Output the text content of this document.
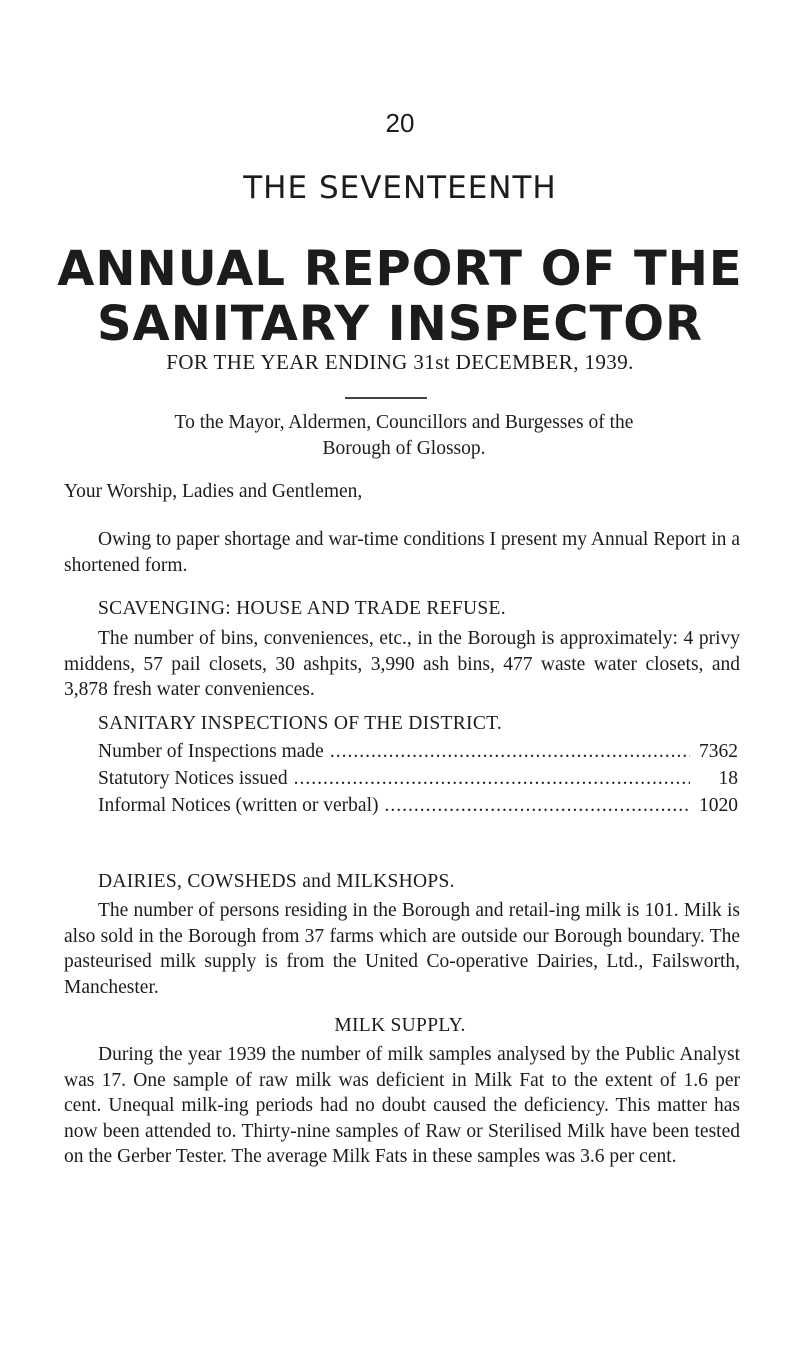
20
THE SEVENTEENTH
ANNUAL REPORT OF THE
SANITARY INSPECTOR
FOR THE YEAR ENDING 31st DECEMBER, 1939.
To the Mayor, Aldermen, Councillors and Burgesses of the
Borough of Glossop.
Your Worship, Ladies and Gentlemen,

Owing to paper shortage and war-time conditions I present my Annual Report in a shortened form.

SCAVENGING: HOUSE AND TRADE REFUSE.

The number of bins, conveniences, etc., in the Borough is approximately: 4 privy middens, 57 pail closets, 30 ashpits, 3,990 ash bins, 477 waste water closets, and 3,878 fresh water conveniences.

SANITARY INSPECTIONS OF THE DISTRICT.
Number of Inspections made .....	7362
Statutory Notices issued .....	18
Informal Notices (written or verbal) .....	1020
DAIRIES, COWSHEDS and MILKSHOPS.

The number of persons residing in the Borough and retail-ing milk is 101. Milk is also sold in the Borough from 37 farms which are outside our Borough boundary. The pasteurised milk supply is from the United Co-operative Dairies, Ltd., Failsworth, Manchester.

MILK SUPPLY.

During the year 1939 the number of milk samples analysed by the Public Analyst was 17. One sample of raw milk was deficient in Milk Fat to the extent of 1.6 per cent. Unequal milk-ing periods had no doubt caused the deficiency. This matter has now been attended to. Thirty-nine samples of Raw or Sterilised Milk have been tested on the Gerber Tester. The average Milk Fats in these samples was 3.6 per cent.
